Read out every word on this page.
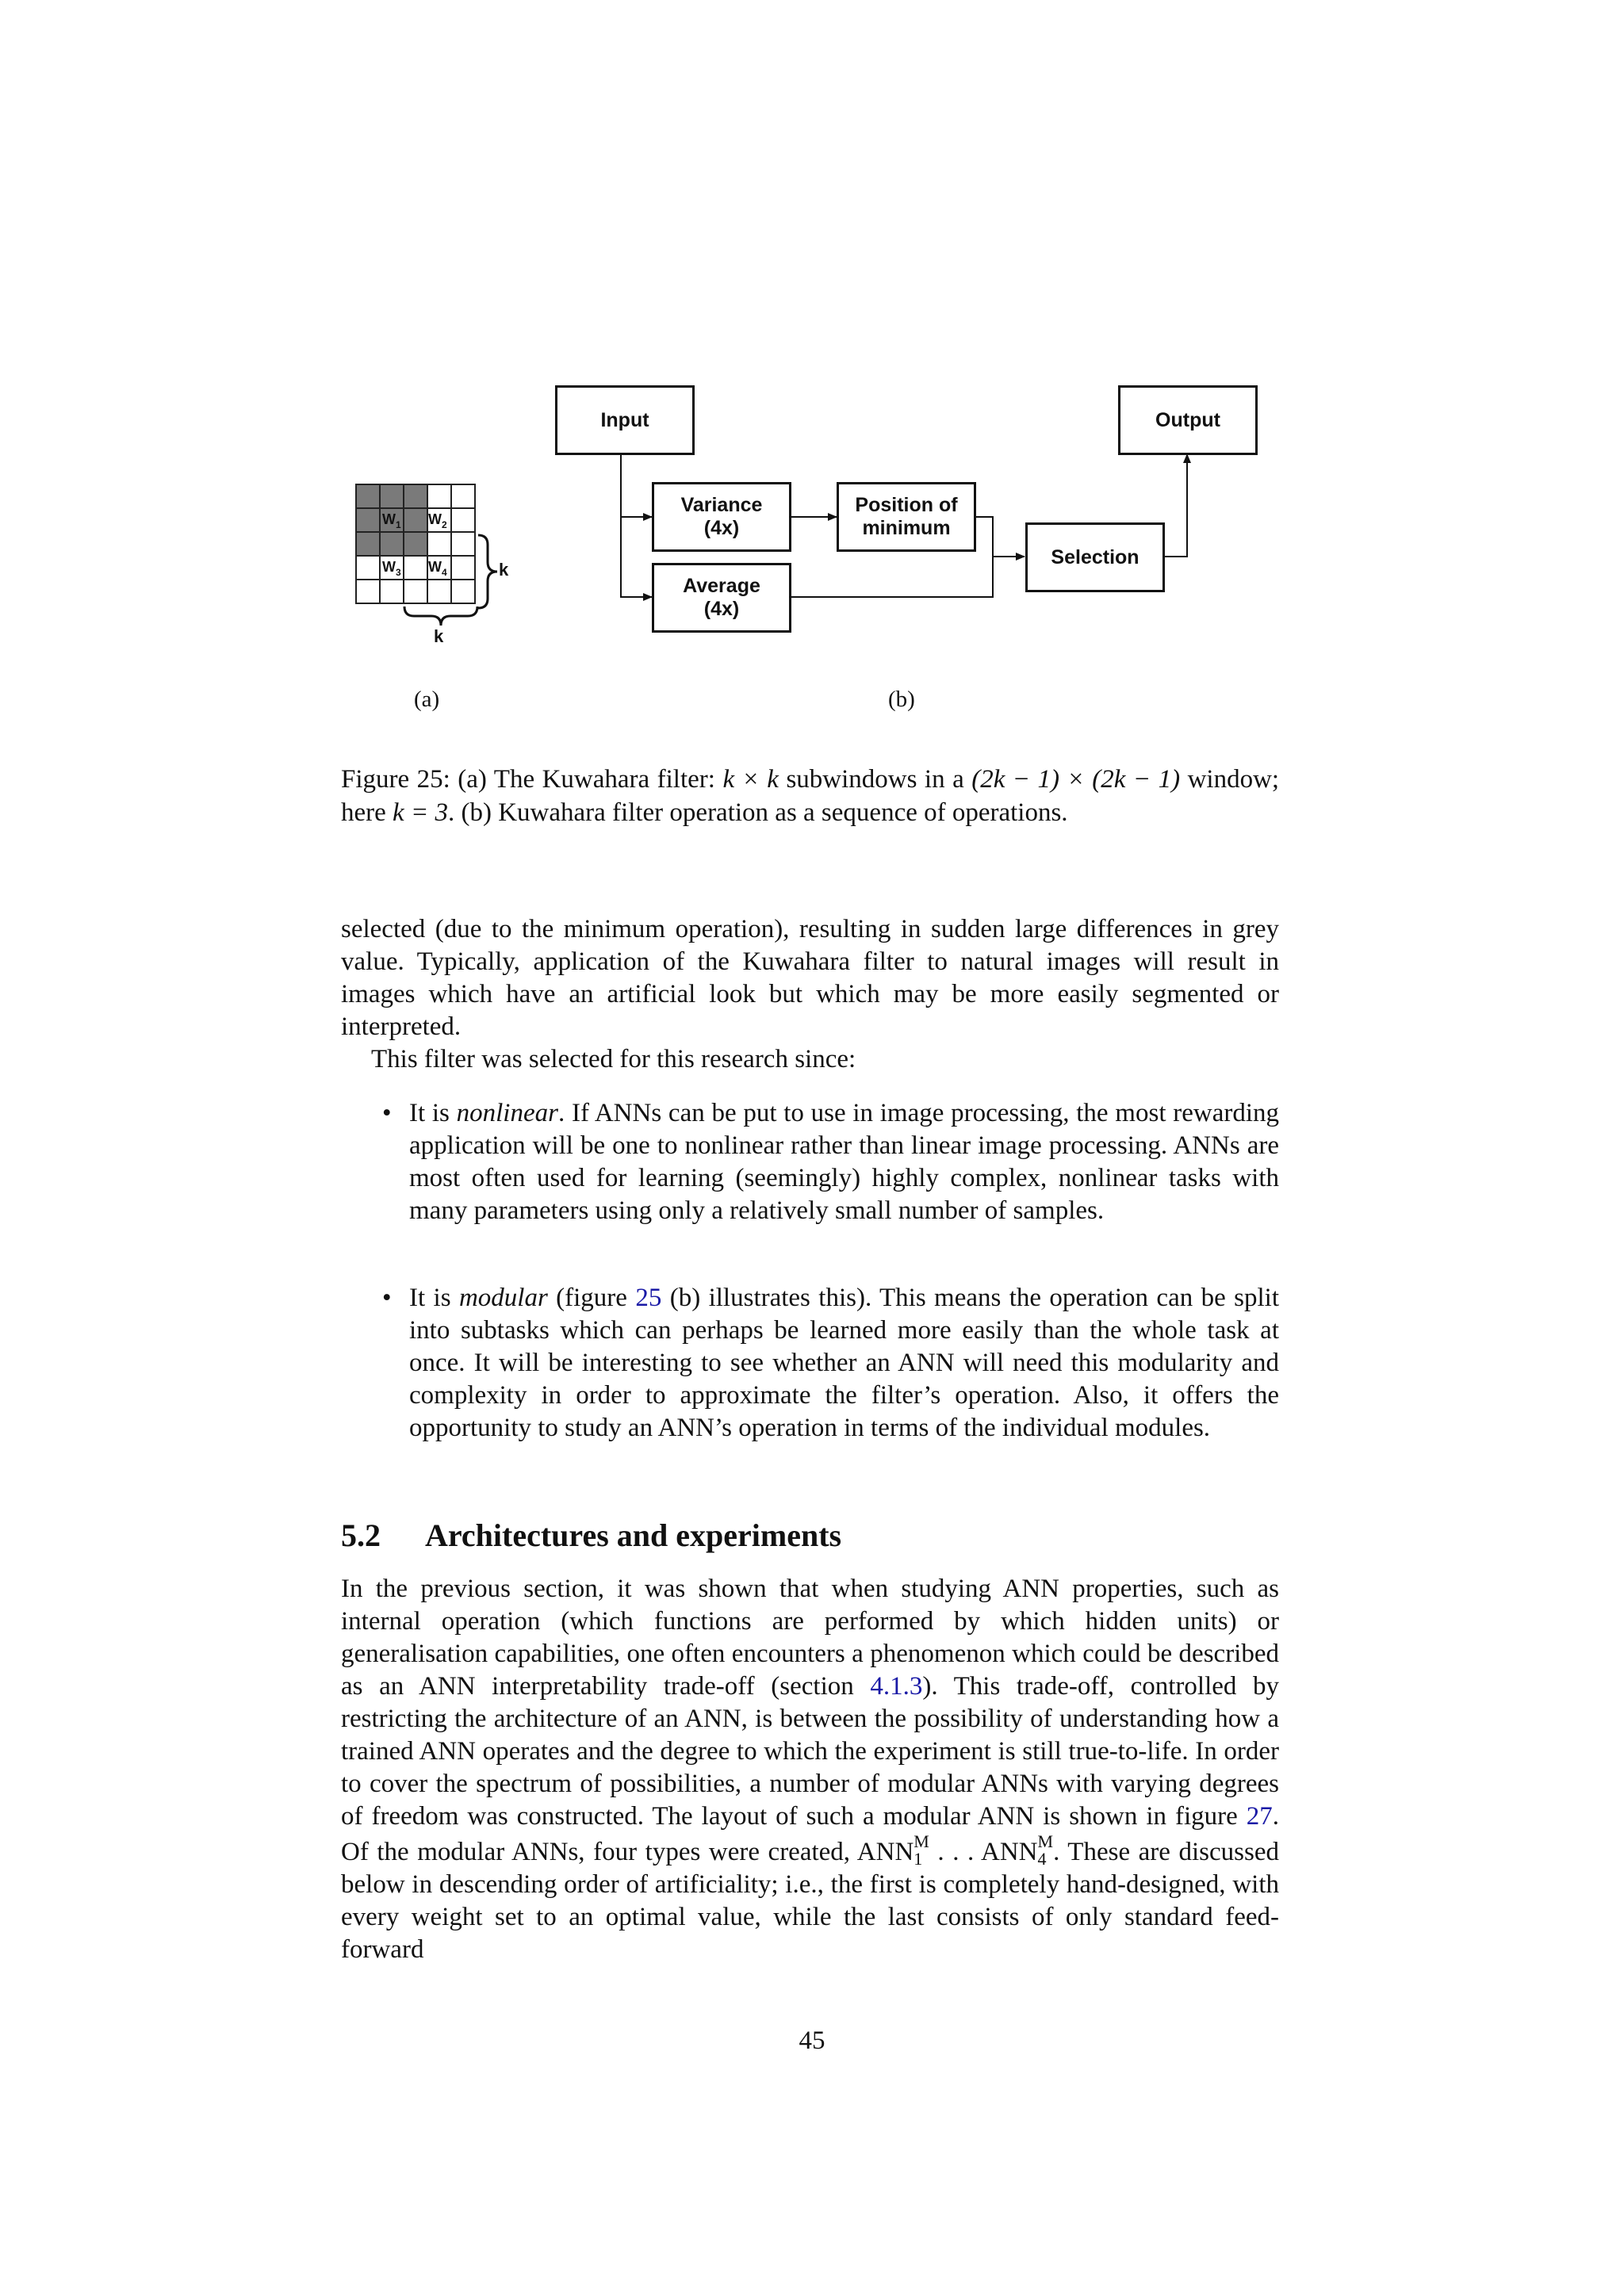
$W_1$ $W_2$
$W_3$ $W_4$	k
k
Input	Output
Variance
(4x)
Average
(4x)
Position of
minimum
Selection
(a)	(b)
Figure 25: (a) The Kuwahara filter: k × k subwindows in a (2k − 1) × (2k − 1) window; here k = 3. (b) Kuwahara filter operation as a sequence of operations.

selected (due to the minimum operation), resulting in sudden large differences in grey value. Typically, application of the Kuwahara filter to natural images will result in images which have an artificial look but which may be more easily segmented or interpreted.

This filter was selected for this research since:

• It is nonlinear. If ANNs can be put to use in image processing, the most rewarding application will be one to nonlinear rather than linear image processing. ANNs are most often used for learning (seemingly) highly complex, nonlinear tasks with many parameters using only a relatively small number of samples.

• It is modular (figure 25 (b) illustrates this). This means the operation can be split into subtasks which can perhaps be learned more easily than the whole task at once. It will be interesting to see whether an ANN will need this modularity and complexity in order to approximate the filter’s operation. Also, it offers the opportunity to study an ANN’s operation in terms of the individual modules.

5.2 Architectures and experiments

In the previous section, it was shown that when studying ANN properties, such as internal operation (which functions are performed by which hidden units) or generalisation capabilities, one often encounters a phenomenon which could be described as an ANN interpretability trade-off (section 4.1.3). This trade-off, controlled by restricting the architecture of an ANN, is between the possibility of understanding how a trained ANN operates and the degree to which the experiment is still true-to-life. In order to cover the spectrum of possibilities, a number of modular ANNs with varying degrees of freedom was constructed. The layout of such a modular ANN is shown in figure 27. Of the modular ANNs, four types were created, ANN M
1 . . . ANN M
4 . These are discussed below in descending order of artificiality; i.e., the first is completely hand-designed, with every weight set to an optimal value, while the last consists of only standard feed-forward

45
